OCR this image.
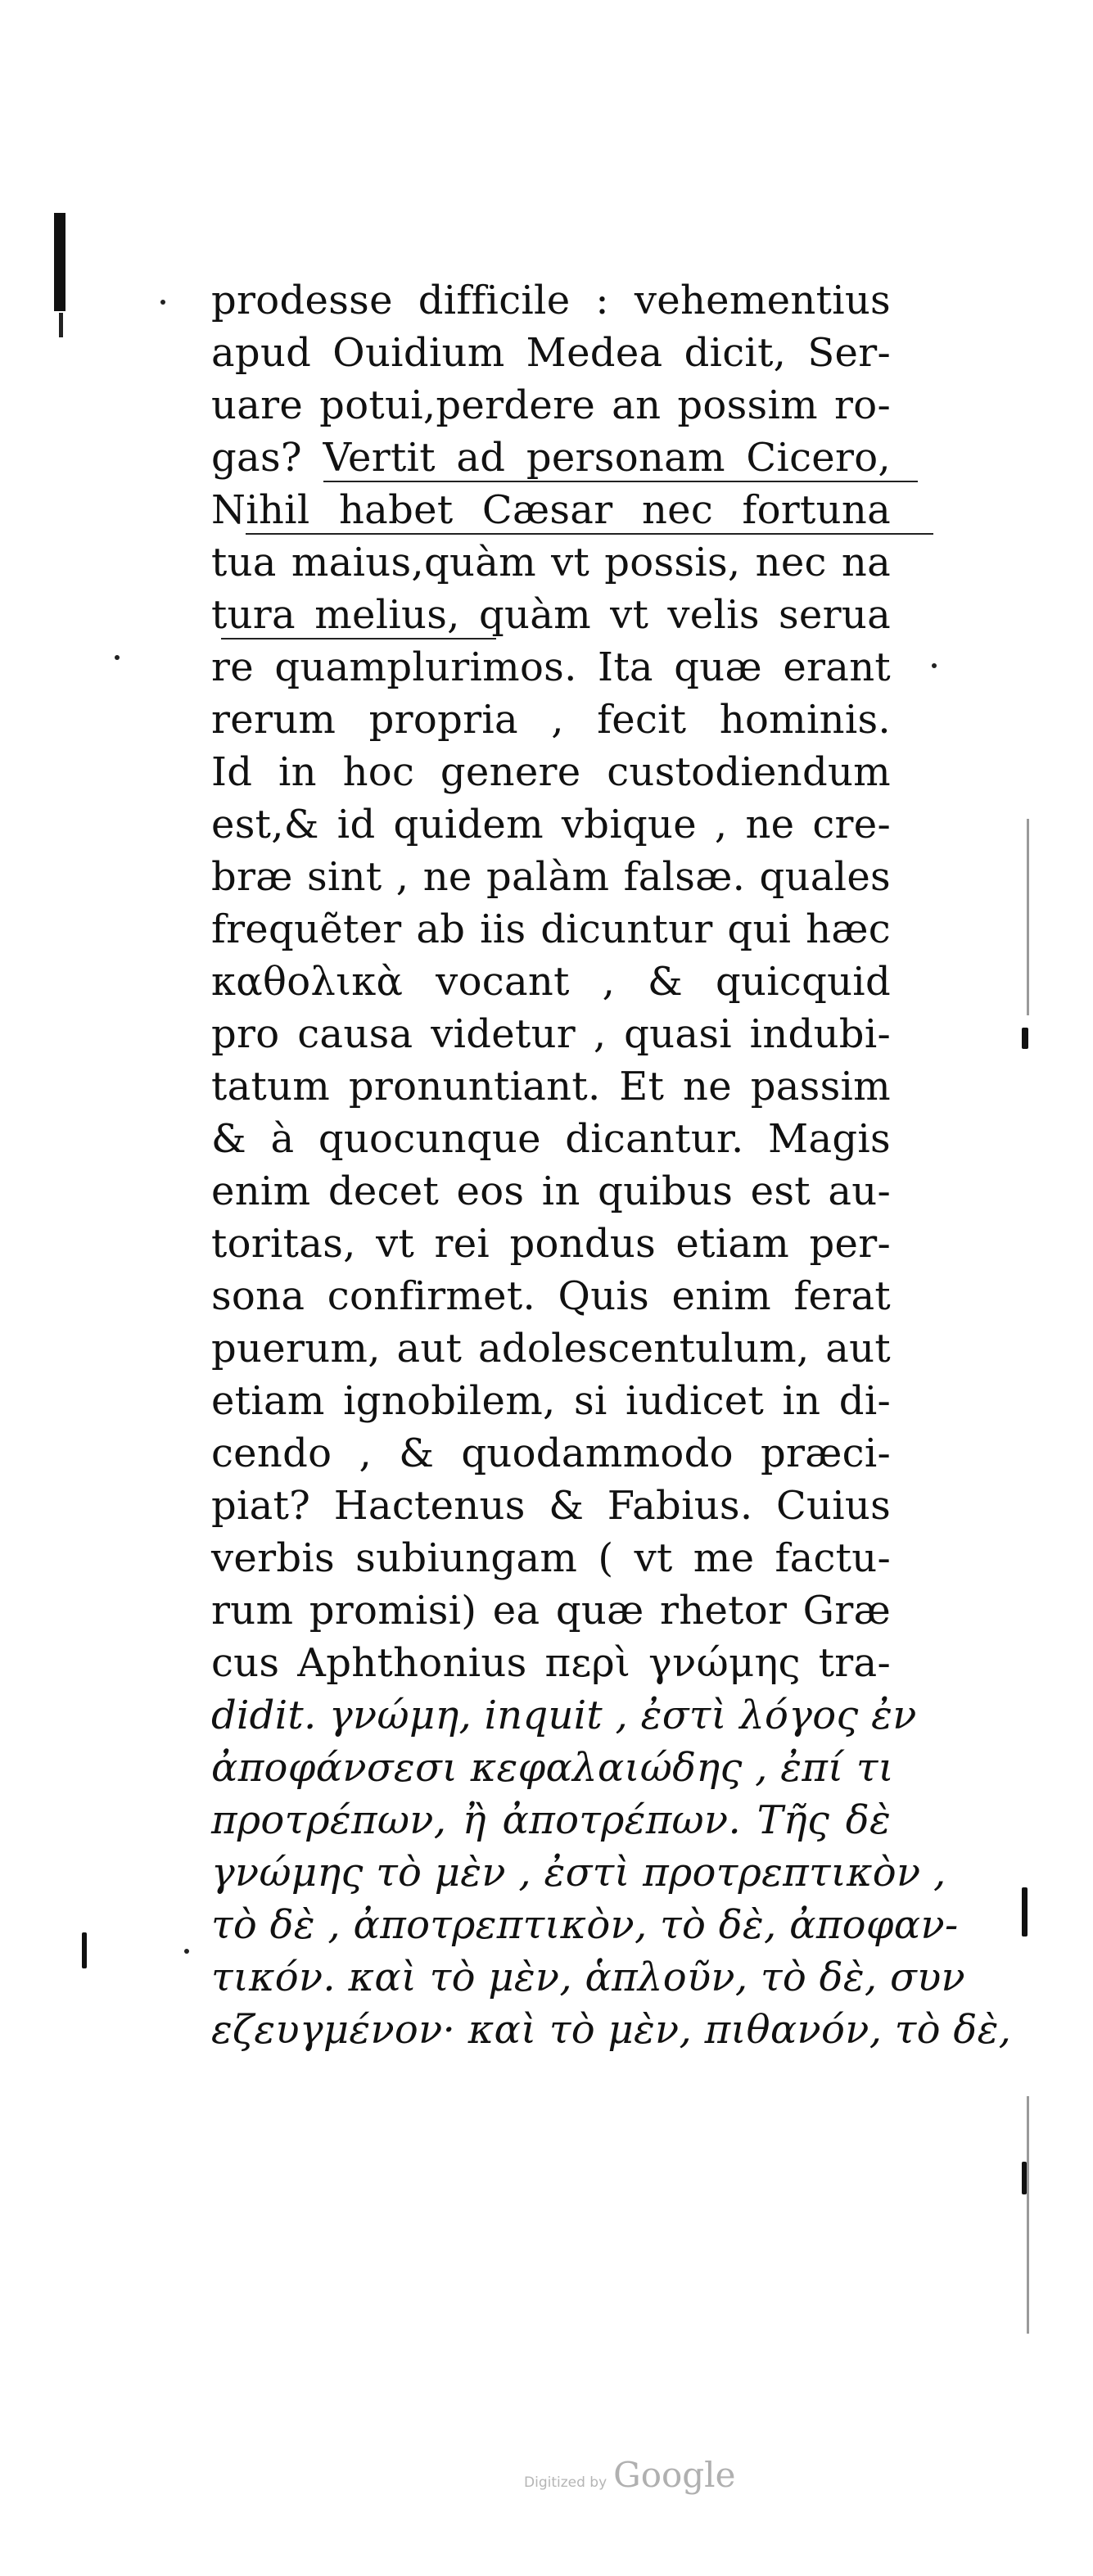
prodesse difficile : vehementius
apud Ouidium Medea dicit, Ser-
uare potui,perdere an possim ro-
gas? Vertit ad personam Cicero,
Nihil habet Cæsar nec fortuna
tua maius,quàm vt possis, nec na
tura melius, quàm vt velis serua
re quamplurimos. Ita quæ erant
rerum propria , fecit hominis.
Id in hoc genere custodiendum
est,& id quidem vbique , ne cre-
bræ sint , ne palàm falsæ. quales
frequẽter ab iis dicuntur qui hæc
καθολικὰ vocant , & quicquid
pro causa videtur , quasi indubi-
tatum pronuntiant. Et ne passim
& à quocunque dicantur. Magis
enim decet eos in quibus est au-
toritas, vt rei pondus etiam per-
sona confirmet. Quis enim ferat
puerum, aut adolescentulum, aut
etiam ignobilem, si iudicet in di-
cendo , & quodammodo præci-
piat? Hactenus & Fabius. Cuius
verbis subiungam ( vt me factu-
rum promisi) ea quæ rhetor Græ
cus Aphthonius περὶ γνώμης tra-
didit. γνώμη, inquit , ἐστὶ λόγος ἐν
ἀποφάνσεσι κεφαλαιώδης , ἐπί τι
προτρέπων, ἢ ἀποτρέπων. Τῆς δὲ
γνώμης τὸ μὲν , ἐστὶ προτρεπτικὸν ,
τὸ δὲ , ἀποτρεπτικὸν, τὸ δὲ, ἀποφαν-
τικόν. καὶ τὸ μὲν, ἁπλοῦν, τὸ δὲ, συν
εζευγμένον· καὶ τὸ μὲν, πιθανόν, τὸ δὲ,
Digitized by Google
